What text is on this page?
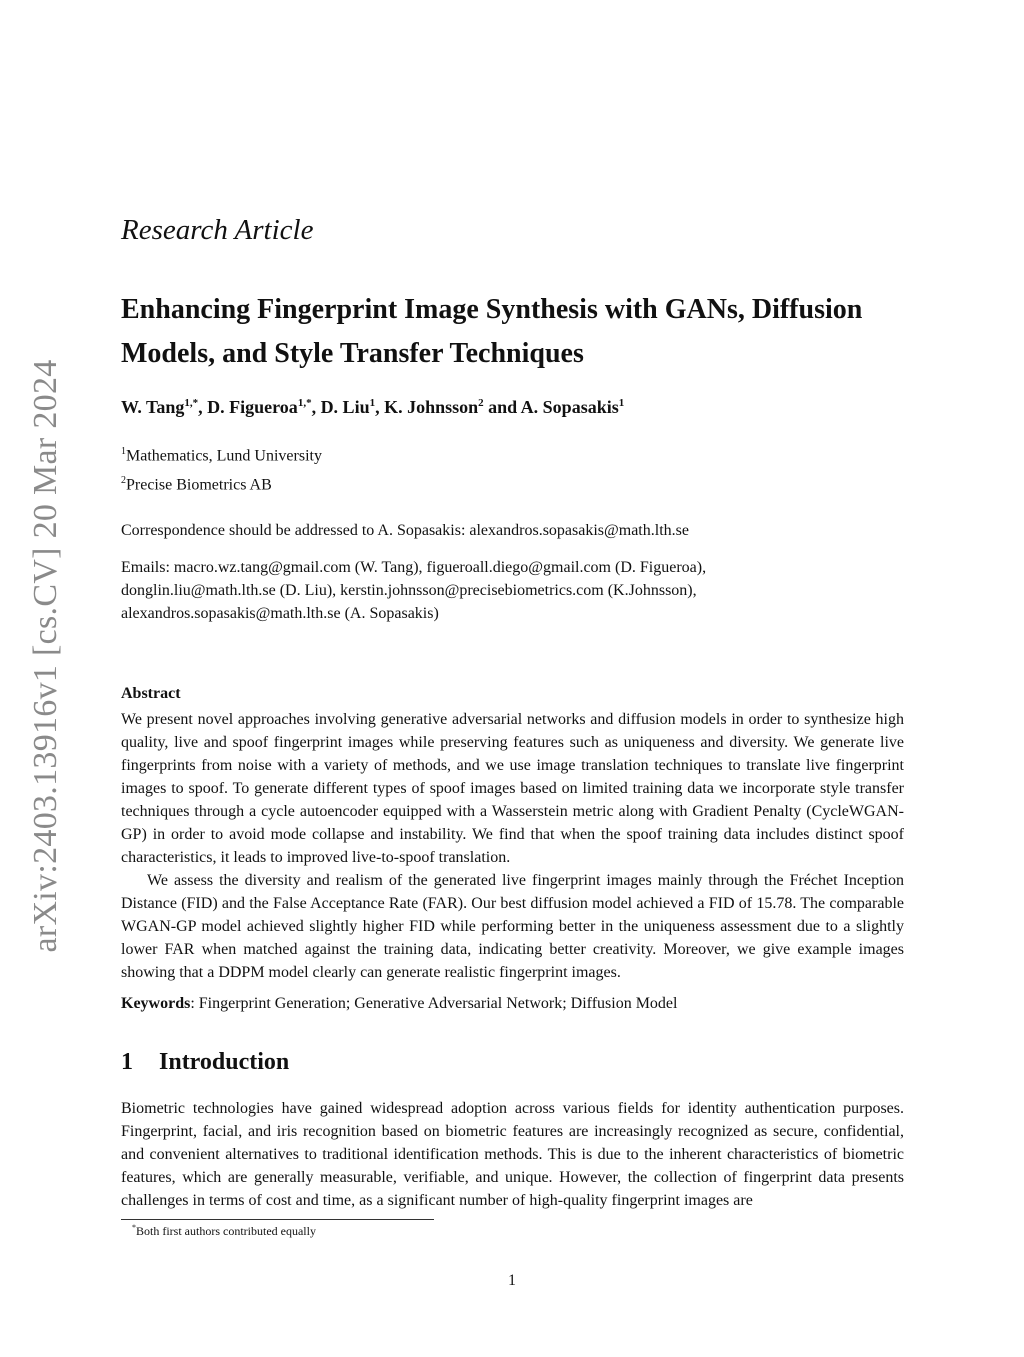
arXiv:2403.13916v1 [cs.CV] 20 Mar 2024
Research Article
Enhancing Fingerprint Image Synthesis with GANs, Diffusion Models, and Style Transfer Techniques
W. Tang$^{1,*}$, D. Figueroa$^{1,*}$, D. Liu$^1$, K. Johnsson$^2$ and A. Sopasakis$^1$
$^1$Mathematics, Lund University
$^2$Precise Biometrics AB
Correspondence should be addressed to A. Sopasakis: alexandros.sopasakis@math.lth.se

Emails: macro.wz.tang@gmail.com (W. Tang), figueroall.diego@gmail.com (D. Figueroa),

donglin.liu@math.lth.se (D. Liu), kerstin.johnsson@precisebiometrics.com (K.Johnsson),

alexandros.sopasakis@math.lth.se (A. Sopasakis)

Abstract

We present novel approaches involving generative adversarial networks and diffusion models in order to synthesize high quality, live and spoof fingerprint images while preserving features such as uniqueness and diversity. We generate live fingerprints from noise with a variety of methods, and we use image translation techniques to translate live fingerprint images to spoof. To generate different types of spoof images based on limited training data we incorporate style transfer techniques through a cycle autoencoder equipped with a Wasserstein metric along with Gradient Penalty (CycleWGAN-GP) in order to avoid mode collapse and instability. We find that when the spoof training data includes distinct spoof characteristics, it leads to improved live-to-spoof translation.

We assess the diversity and realism of the generated live fingerprint images mainly through the Fréchet Inception Distance (FID) and the False Acceptance Rate (FAR). Our best diffusion model achieved a FID of 15.78. The comparable WGAN-GP model achieved slightly higher FID while performing better in the uniqueness assessment due to a slightly lower FAR when matched against the training data, indicating better creativity. Moreover, we give example images showing that a DDPM model clearly can generate realistic fingerprint images.

Keywords: Fingerprint Generation; Generative Adversarial Network; Diffusion Model
1 Introduction

Biometric technologies have gained widespread adoption across various fields for identity authentication purposes. Fingerprint, facial, and iris recognition based on biometric features are increasingly recognized as secure, confidential, and convenient alternatives to traditional identification methods. This is due to the inherent characteristics of biometric features, which are generally measurable, verifiable, and unique. However, the collection of fingerprint data presents challenges in terms of cost and time, as a significant number of high-quality fingerprint images are

*Both first authors contributed equally
1
